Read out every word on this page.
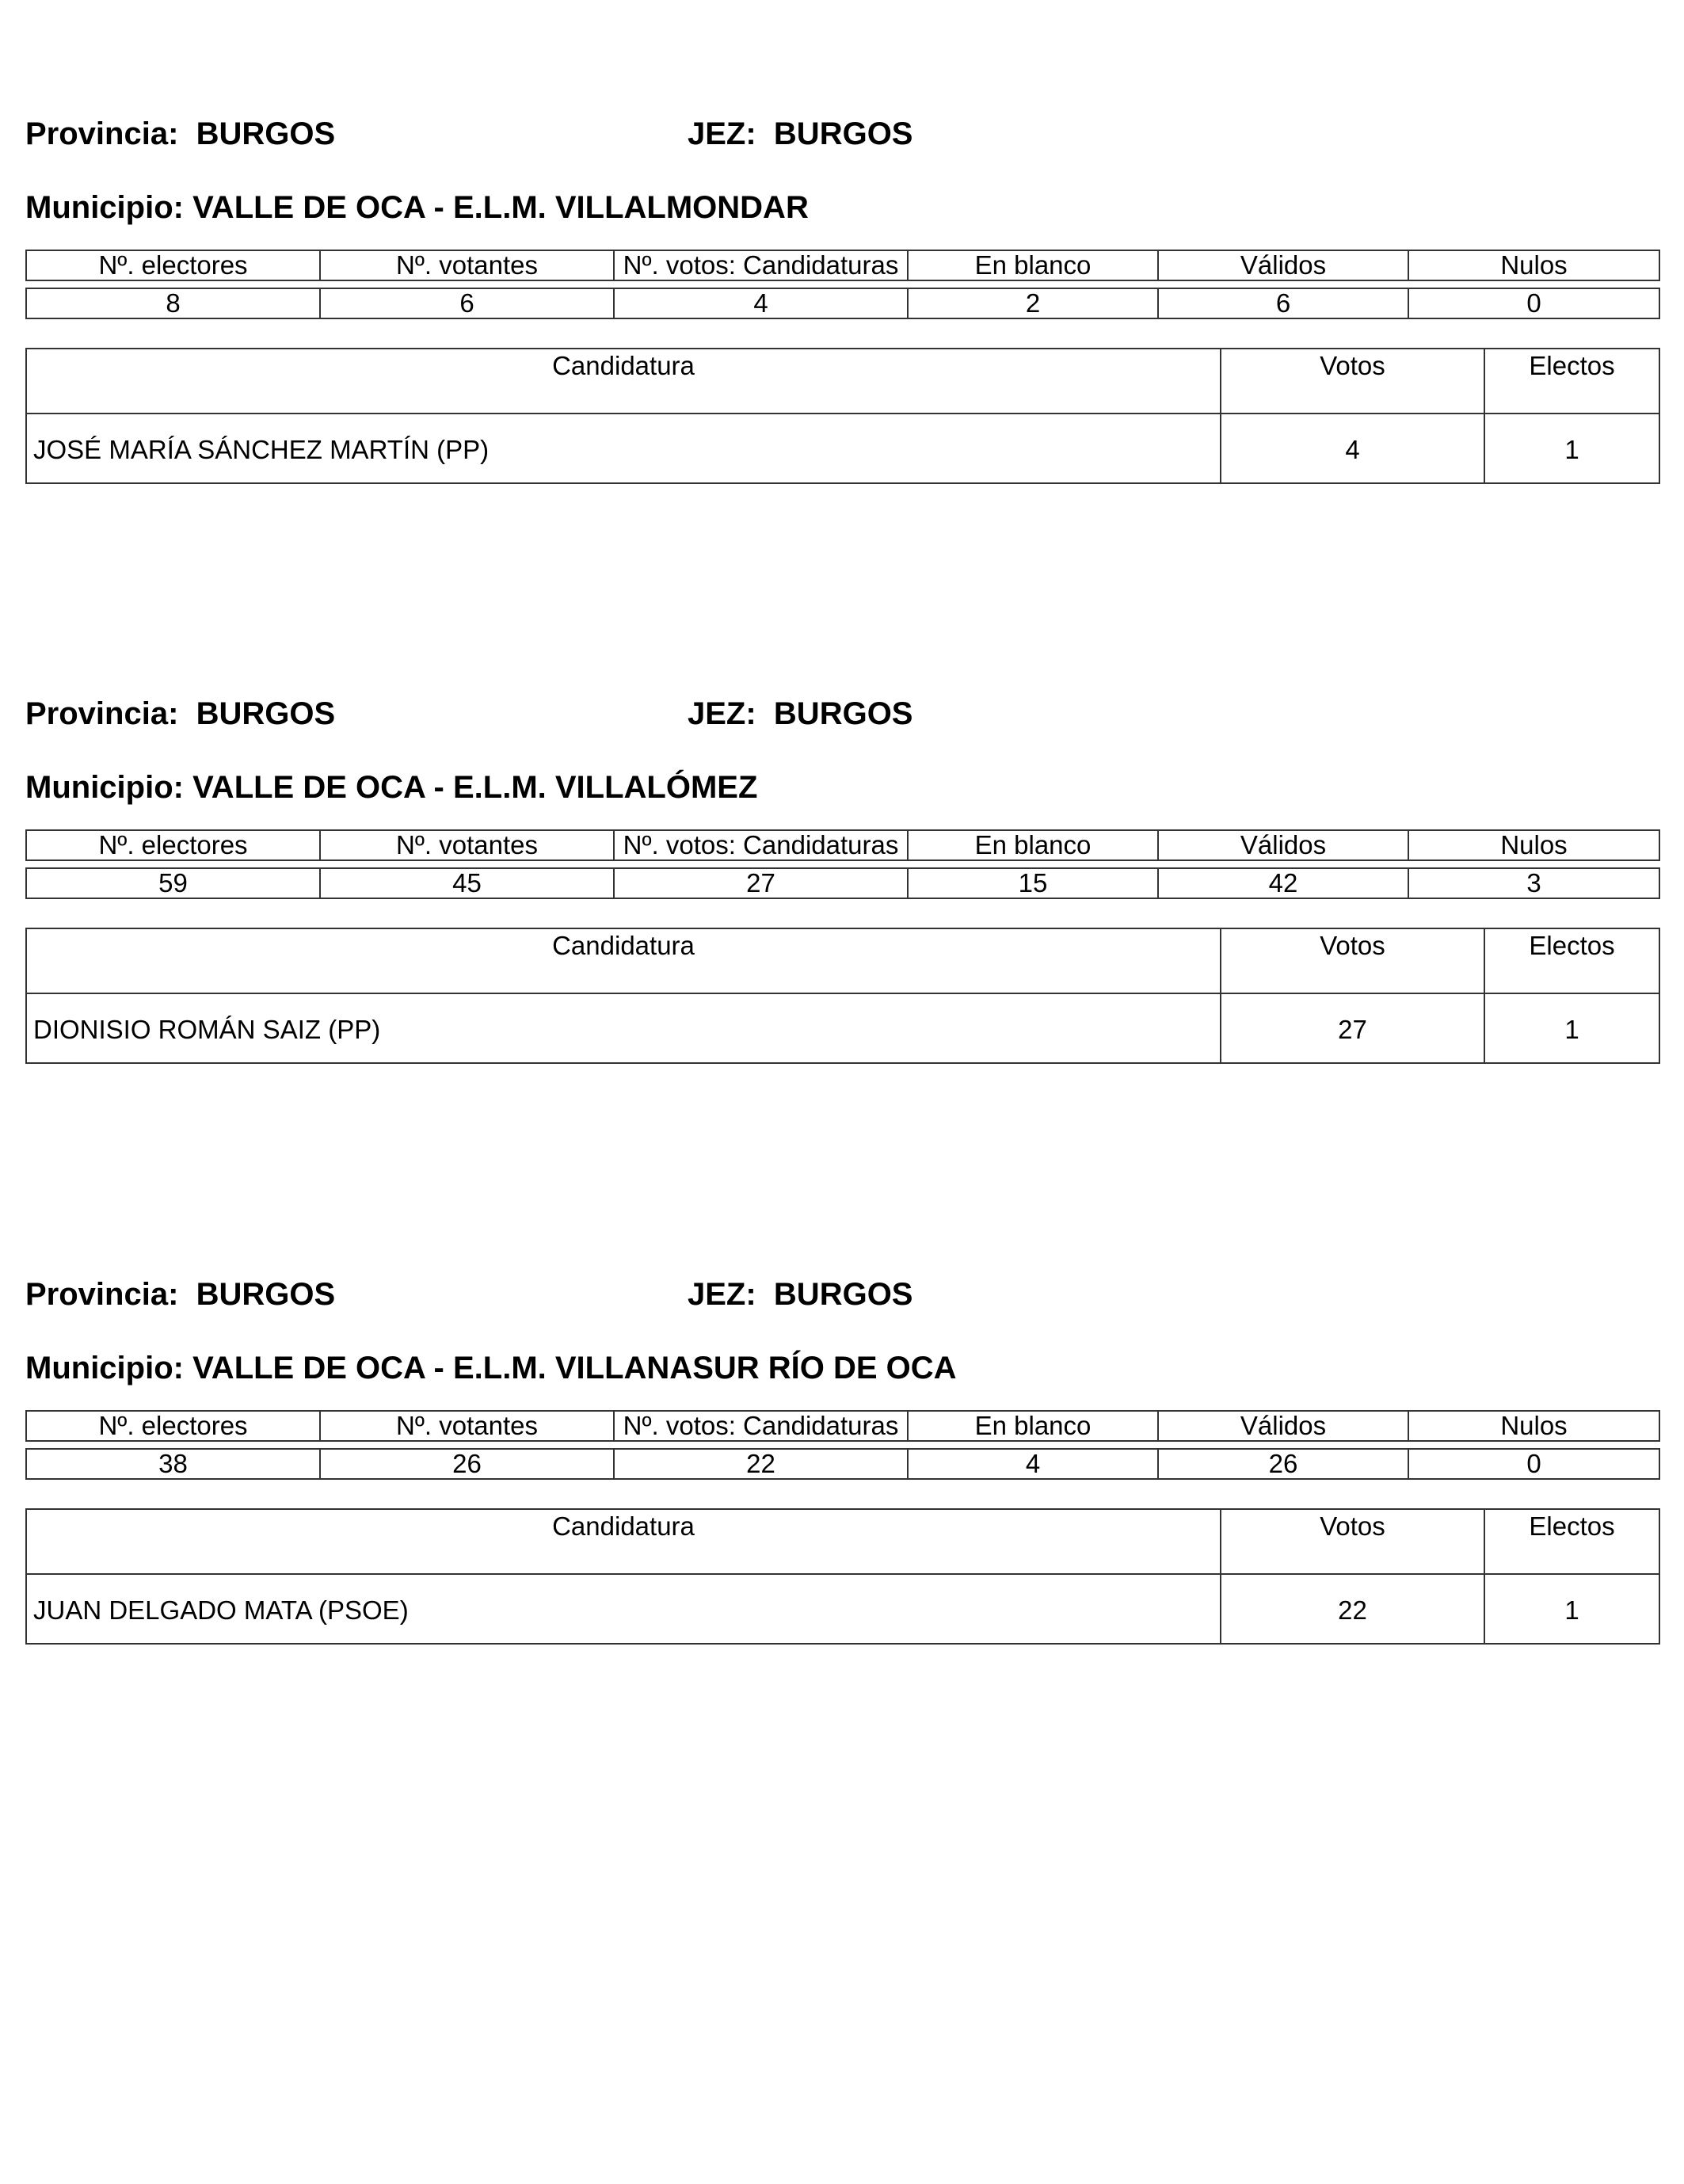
Provincia: BURGOS	JEZ: BURGOS
Municipio: VALLE DE OCA - E.L.M. VILLALMONDAR
Nº. electores	Nº. votantes	Nº. votos: Candidaturas	En blanco	Válidos	Nulos

8	6	4	2	6	0
Candidatura	Votos	Electos
JOSÉ MARÍA SÁNCHEZ MARTÍN (PP)	4	1
Provincia: BURGOS	JEZ: BURGOS
Municipio: VALLE DE OCA - E.L.M. VILLALÓMEZ
Nº. electores	Nº. votantes	Nº. votos: Candidaturas	En blanco	Válidos	Nulos

59	45	27	15	42	3
Candidatura	Votos	Electos
DIONISIO ROMÁN SAIZ (PP)	27	1
Provincia: BURGOS	JEZ: BURGOS
Municipio: VALLE DE OCA - E.L.M. VILLANASUR RÍO DE OCA
Nº. electores	Nº. votantes	Nº. votos: Candidaturas	En blanco	Válidos	Nulos

38	26	22	4	26	0
Candidatura	Votos	Electos
JUAN DELGADO MATA (PSOE)	22	1
